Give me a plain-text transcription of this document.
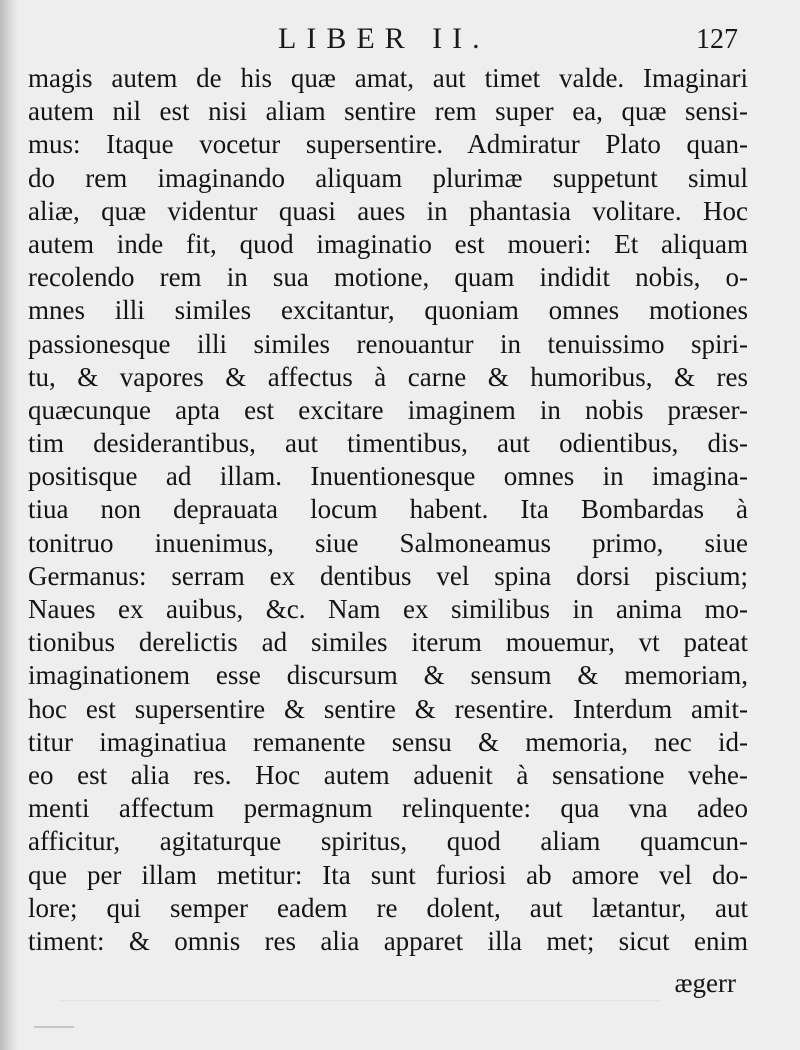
LIBER II.	127
magis autem de his quæ amat, aut timet valde. Imaginari
autem nil est nisi aliam sentire rem super ea, quæ sensi-
mus: Itaque vocetur supersentire. Admiratur Plato quan-
do rem imaginando aliquam plurimæ suppetunt simul
aliæ, quæ videntur quasi aues in phantasia volitare. Hoc
autem inde fit, quod imaginatio est moueri: Et aliquam
recolendo rem in sua motione, quam indidit nobis, o-
mnes illi similes excitantur, quoniam omnes motiones
passionesque illi similes renouantur in tenuissimo spiri-
tu, & vapores & affectus à carne & humoribus, & res
quæcunque apta est excitare imaginem in nobis præser-
tim desiderantibus, aut timentibus, aut odientibus, dis-
positisque ad illam. Inuentionesque omnes in imagina-
tiua non deprauata locum habent. Ita Bombardas à
tonitruo inuenimus, siue Salmoneamus primo, siue
Germanus: serram ex dentibus vel spina dorsi piscium;
Naues ex auibus, &c. Nam ex similibus in anima mo-
tionibus derelictis ad similes iterum mouemur, vt pateat
imaginationem esse discursum & sensum & memoriam,
hoc est supersentire & sentire & resentire. Interdum amit-
titur imaginatiua remanente sensu & memoria, nec id-
eo est alia res. Hoc autem aduenit à sensatione vehe-
menti affectum permagnum relinquente: qua vna adeo
afficitur, agitaturque spiritus, quod aliam quamcun-
que per illam metitur: Ita sunt furiosi ab amore vel do-
lore; qui semper eadem re dolent, aut lætantur, aut
timent: & omnis res alia apparet illa met; sicut enim
ægerr
